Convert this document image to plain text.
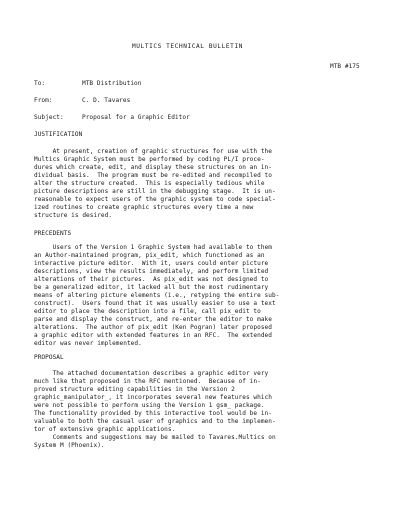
MULTICS TECHNICAL BULLETIN
MTB #175
To:	MTB Distribution
From:	C. D. Tavares
Subject:	Proposal for a Graphic Editor
JUSTIFICATION
At present, creation of graphic structures for use with the
Multics Graphic System must be performed by coding PL/I proce-
dures which create, edit, and display these structures on an in-
dividual basis.  The program must be re-edited and recompiled to
alter the structure created.  This is especially tedious while
picture descriptions are still in the debugging stage.  It is un-
reasonable to expect users of the graphic system to code special-
ized routines to create graphic structures every time a new
structure is desired.
PRECEDENTS
Users of the Version 1 Graphic System had available to them
an Author-maintained program, pix_edit, which functioned as an
interactive picture editor.  With it, users could enter picture
descriptions, view the results immediately, and perform limited
alterations of their pictures.  As pix_edit was not designed to
be a generalized editor, it lacked all but the most rudimentary
means of altering picture elements (i.e., retyping the entire sub-
construct).  Users found that it was usually easier to use a text
editor to place the description into a file, call pix_edit to
parse and display the construct, and re-enter the editor to make
alterations.  The author of pix_edit (Ken Pogran) later proposed
a graphic editor with extended features in an RFC.  The extended
editor was never implemented.
PROPOSAL
The attached documentation describes a graphic editor very
much like that proposed in the RFC mentioned.  Because of in-
proved structure editing capabilities in the Version 2
graphic_manipulator_, it incorporates several new features which
were not possible to perform using the Version 1 gsm_ package.
The functionality provided by this interactive tool would be in-
valuable to both the casual user of graphics and to the implemen-
tor of extensive graphic applications.
Comments and suggestions may be mailed to Tavares.Multics on
System M (Phoenix).
